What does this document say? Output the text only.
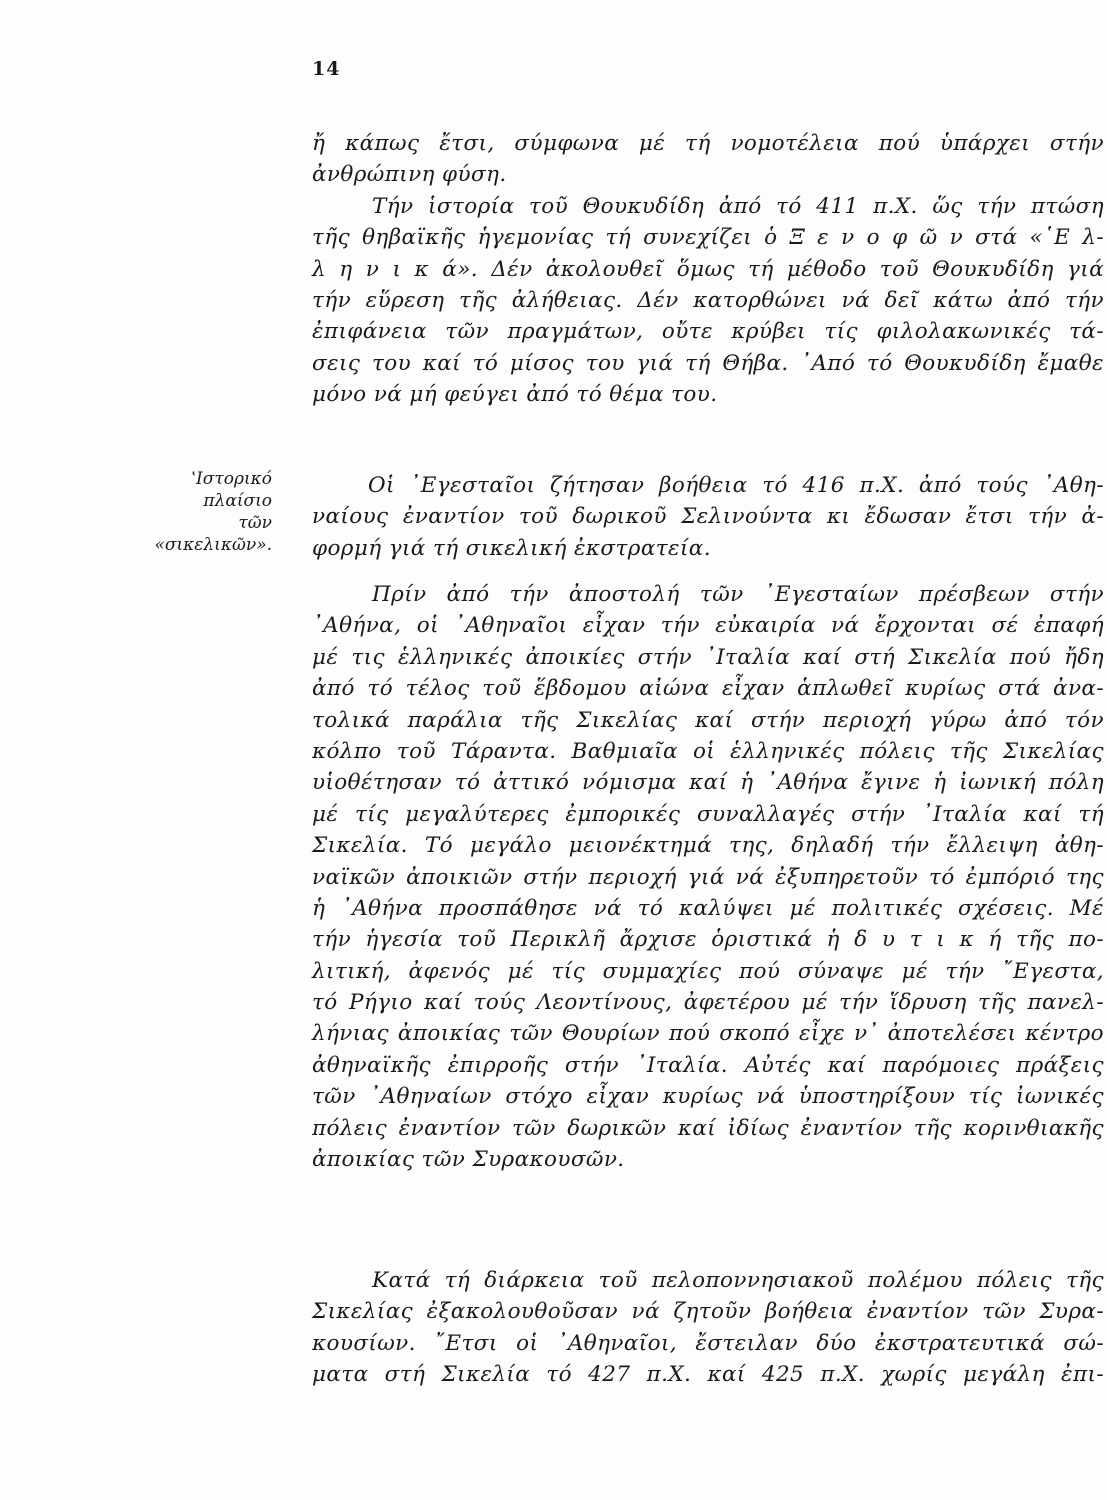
14
ʽΙστορικό
πλαίσιο
τῶν
«σικελικῶν».
ἤ κάπως ἔτσι, σύμφωνα μέ τή νομοτέλεια πού ὑπάρχει στήν
ἀνθρώπινη φύση.
Τήν ἱστορία τοῦ Θουκυδίδη ἀπό τό 411 π.Χ. ὥς τήν πτώση
τῆς θηβαϊκῆς ἡγεμονίας τή συνεχίζει ὁ Ξ ε ν ο φ ῶ ν στά «῾Ε λ-
λ η ν ι κ ά». Δέν ἀκολουθεῖ ὅμως τή μέθοδο τοῦ Θουκυδίδη γιά
τήν εὕρεση τῆς ἀλήθειας. Δέν κατορθώνει νά δεῖ κάτω ἀπό τήν
ἐπιφάνεια τῶν πραγμάτων, οὔτε κρύβει τίς φιλολακωνικές τά-
σεις του καί τό μίσος του γιά τή Θήβα. ᾿Από τό Θουκυδίδη ἔμαθε
μόνο νά μή φεύγει ἀπό τό θέμα του.
Οἱ ᾿Εγεσταῖοι ζήτησαν βοήθεια τό 416 π.Χ. ἀπό τούς ᾿Αθη-
ναίους ἐναντίον τοῦ δωρικοῦ Σελινούντα κι ἔδωσαν ἔτσι τήν ἀ-
φορμή γιά τή σικελική ἐκστρατεία.
Πρίν ἀπό τήν ἀποστολή τῶν ᾿Εγεσταίων πρέσβεων στήν
᾿Αθήνα, οἱ ᾿Αθηναῖοι εἶχαν τήν εὐκαιρία νά ἔρχονται σέ ἐπαφή
μέ τις ἑλληνικές ἀποικίες στήν ᾿Ιταλία καί στή Σικελία πού ἤδη
ἀπό τό τέλος τοῦ ἕβδομου αἰώνα εἶχαν ἁπλωθεῖ κυρίως στά ἀνα-
τολικά παράλια τῆς Σικελίας καί στήν περιοχή γύρω ἀπό τόν
κόλπο τοῦ Τάραντα. Βαθμιαῖα οἱ ἑλληνικές πόλεις τῆς Σικελίας
υἱοθέτησαν τό ἀττικό νόμισμα καί ἡ ᾿Αθήνα ἔγινε ἡ ἰωνική πόλη
μέ τίς μεγαλύτερες ἐμπορικές συναλλαγές στήν ᾿Ιταλία καί τή
Σικελία. Τό μεγάλο μειονέκτημά της, δηλαδή τήν ἔλλειψη ἀθη-
ναϊκῶν ἀποικιῶν στήν περιοχή γιά νά ἐξυπηρετοῦν τό ἐμπόριό της
ἡ ᾿Αθήνα προσπάθησε νά τό καλύψει μέ πολιτικές σχέσεις. Μέ
τήν ἡγεσία τοῦ Περικλῆ ἄρχισε ὁριστικά ἡ δ υ τ ι κ ή τῆς πο-
λιτική, ἀφενός μέ τίς συμμαχίες πού σύναψε μέ τήν ῎Εγεστα,
τό Ρήγιο καί τούς Λεοντίνους, ἀφετέρου μέ τήν ἵδρυση τῆς πανελ-
λήνιας ἀποικίας τῶν Θουρίων πού σκοπό εἶχε ν᾿ ἀποτελέσει κέντρο
ἀθηναϊκῆς ἐπιρροῆς στήν ᾿Ιταλία. Αὐτές καί παρόμοιες πράξεις
τῶν ᾿Αθηναίων στόχο εἶχαν κυρίως νά ὑποστηρίξουν τίς ἰωνικές
πόλεις ἐναντίον τῶν δωρικῶν καί ἰδίως ἐναντίον τῆς κορινθιακῆς
ἀποικίας τῶν Συρακουσῶν.
Κατά τή διάρκεια τοῦ πελοποννησιακοῦ πολέμου πόλεις τῆς
Σικελίας ἐξακολουθοῦσαν νά ζητοῦν βοήθεια ἐναντίον τῶν Συρα-
κουσίων. ῎Ετσι οἱ ᾿Αθηναῖοι, ἔστειλαν δύο ἐκστρατευτικά σώ-
ματα στή Σικελία τό 427 π.Χ. καί 425 π.Χ. χωρίς μεγάλη ἐπι-
